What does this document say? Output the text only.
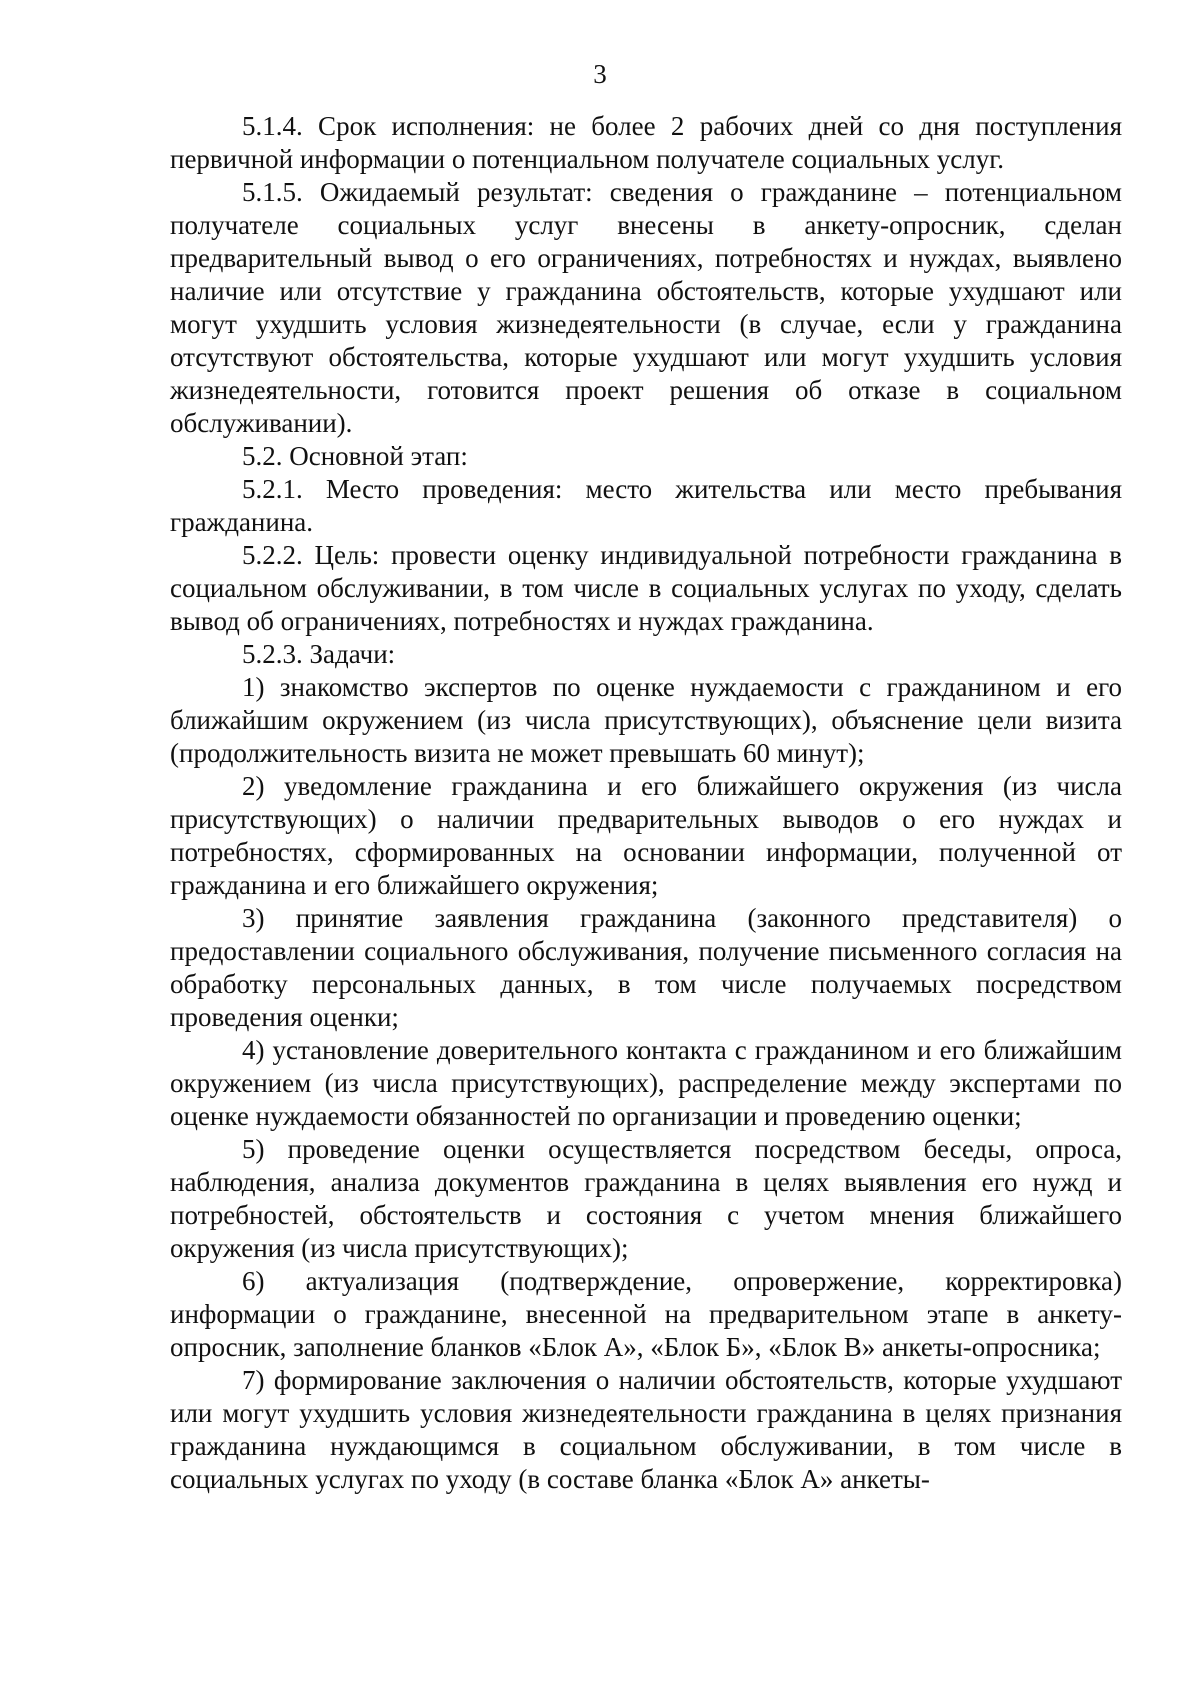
3

5.1.4. Срок исполнения: не более 2 рабочих дней со дня поступления первичной информации о потенциальном получателе социальных услуг.

5.1.5. Ожидаемый результат: сведения о гражданине – потенциальном получателе социальных услуг внесены в анкету-опросник, сделан предварительный вывод о его ограничениях, потребностях и нуждах, выявлено наличие или отсутствие у гражданина обстоятельств, которые ухудшают или могут ухудшить условия жизнедеятельности (в случае, если у гражданина отсутствуют обстоятельства, которые ухудшают или могут ухудшить условия жизнедеятельности, готовится проект решения об отказе в социальном обслуживании).

5.2. Основной этап:

5.2.1. Место проведения: место жительства или место пребывания гражданина.

5.2.2. Цель: провести оценку индивидуальной потребности гражданина в социальном обслуживании, в том числе в социальных услугах по уходу, сделать вывод об ограничениях, потребностях и нуждах гражданина.

5.2.3. Задачи:

1) знакомство экспертов по оценке нуждаемости с гражданином и его ближайшим окружением (из числа присутствующих), объяснение цели визита (продолжительность визита не может превышать 60 минут);

2) уведомление гражданина и его ближайшего окружения (из числа присутствующих) о наличии предварительных выводов о его нуждах и потребностях, сформированных на основании информации, полученной от гражданина и его ближайшего окружения;

3) принятие заявления гражданина (законного представителя) о предоставлении социального обслуживания, получение письменного согласия на обработку персональных данных, в том числе получаемых посредством проведения оценки;

4) установление доверительного контакта с гражданином и его ближайшим окружением (из числа присутствующих), распределение между экспертами по оценке нуждаемости обязанностей по организации и проведению оценки;

5) проведение оценки осуществляется посредством беседы, опроса, наблюдения, анализа документов гражданина в целях выявления его нужд и потребностей, обстоятельств и состояния с учетом мнения ближайшего окружения (из числа присутствующих);

6) актуализация (подтверждение, опровержение, корректировка) информации о гражданине, внесенной на предварительном этапе в анкету-опросник, заполнение бланков «Блок А», «Блок Б», «Блок В» анкеты-опросника;

7) формирование заключения о наличии обстоятельств, которые ухудшают или могут ухудшить условия жизнедеятельности гражданина в целях признания гражданина нуждающимся в социальном обслуживании, в том числе в социальных услугах по уходу (в составе бланка «Блок А» анкеты-
